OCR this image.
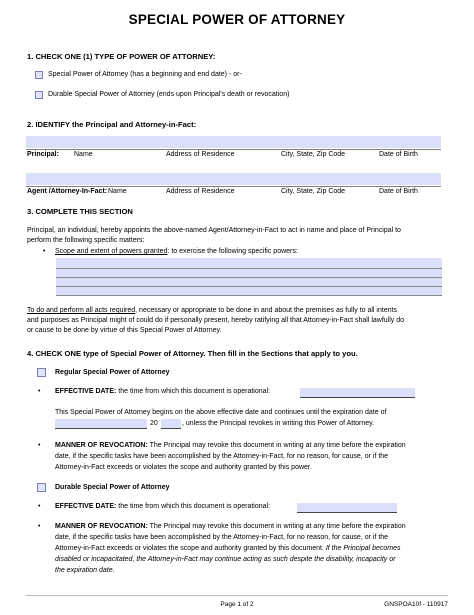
SPECIAL POWER OF ATTORNEY
1. CHECK ONE (1) TYPE OF POWER OF ATTORNEY:
Special Power of Attorney (has a beginning and end date) - or-
Durable Special Power of Attorney (ends upon Principal's death or revocation)
2. IDENTIFY the Principal and Attorney-in-Fact:
Principal: Name	Address of Residence	City, State, Zip Code	Date of Birth
Agent /Attorney-In-Fact: Name	Address of Residence	City, State, Zip Code	Date of Birth
3. COMPLETE THIS SECTION
Principal, an individual, hereby appoints the above-named Agent/Attorney-in-Fact to act in name and place of Principal to
perform the following specific matters:
• Scope and extent of powers granted: to exercise the following specific powers:
To do and perform all acts required, necessary or appropriate to be done in and about the premises as fully to all intents
and purposes as Principal might of could do if personally present, hereby ratifying all that Attorney-in-Fact shall lawfully do
or cause to be done by virtue of this Special Power of Attorney.
4. CHECK ONE type of Special Power of Attorney. Then fill in the Sections that apply to you.
Regular Special Power of Attorney
• EFFECTIVE DATE: the time from which this document is operational:
This Special Power of Attorney begins on the above effective date and continues until the expiration date of
20	, unless the Principal revokes in writing this Power of Attorney.
• MANNER OF REVOCATION: The Principal may revoke this document in writing at any time before the expiration
date, if the specific tasks have been accomplished by the Attorney-in-Fact, for no reason, for cause, or if the
Attorney-in-Fact exceeds or violates the scope and authority granted by this power.
Durable Special Power of Attorney
• EFFECTIVE DATE: the time from which this document is operational:
• MANNER OF REVOCATION: The Principal may revoke this document in writing at any time before the expiration
date, if the specific tasks have been accomplished by the Attorney-in-Fact, for no reason, for cause, or if the
Attorney-in-Fact exceeds or violates the scope and authority granted by this document. If the Principal becomes
disabled or incapacitated, the Attorney-in-Fact may continue acting as such despite the disability, incapacity or
the expiration date.
Page 1 of 2	GNSPOA10f - 110917
